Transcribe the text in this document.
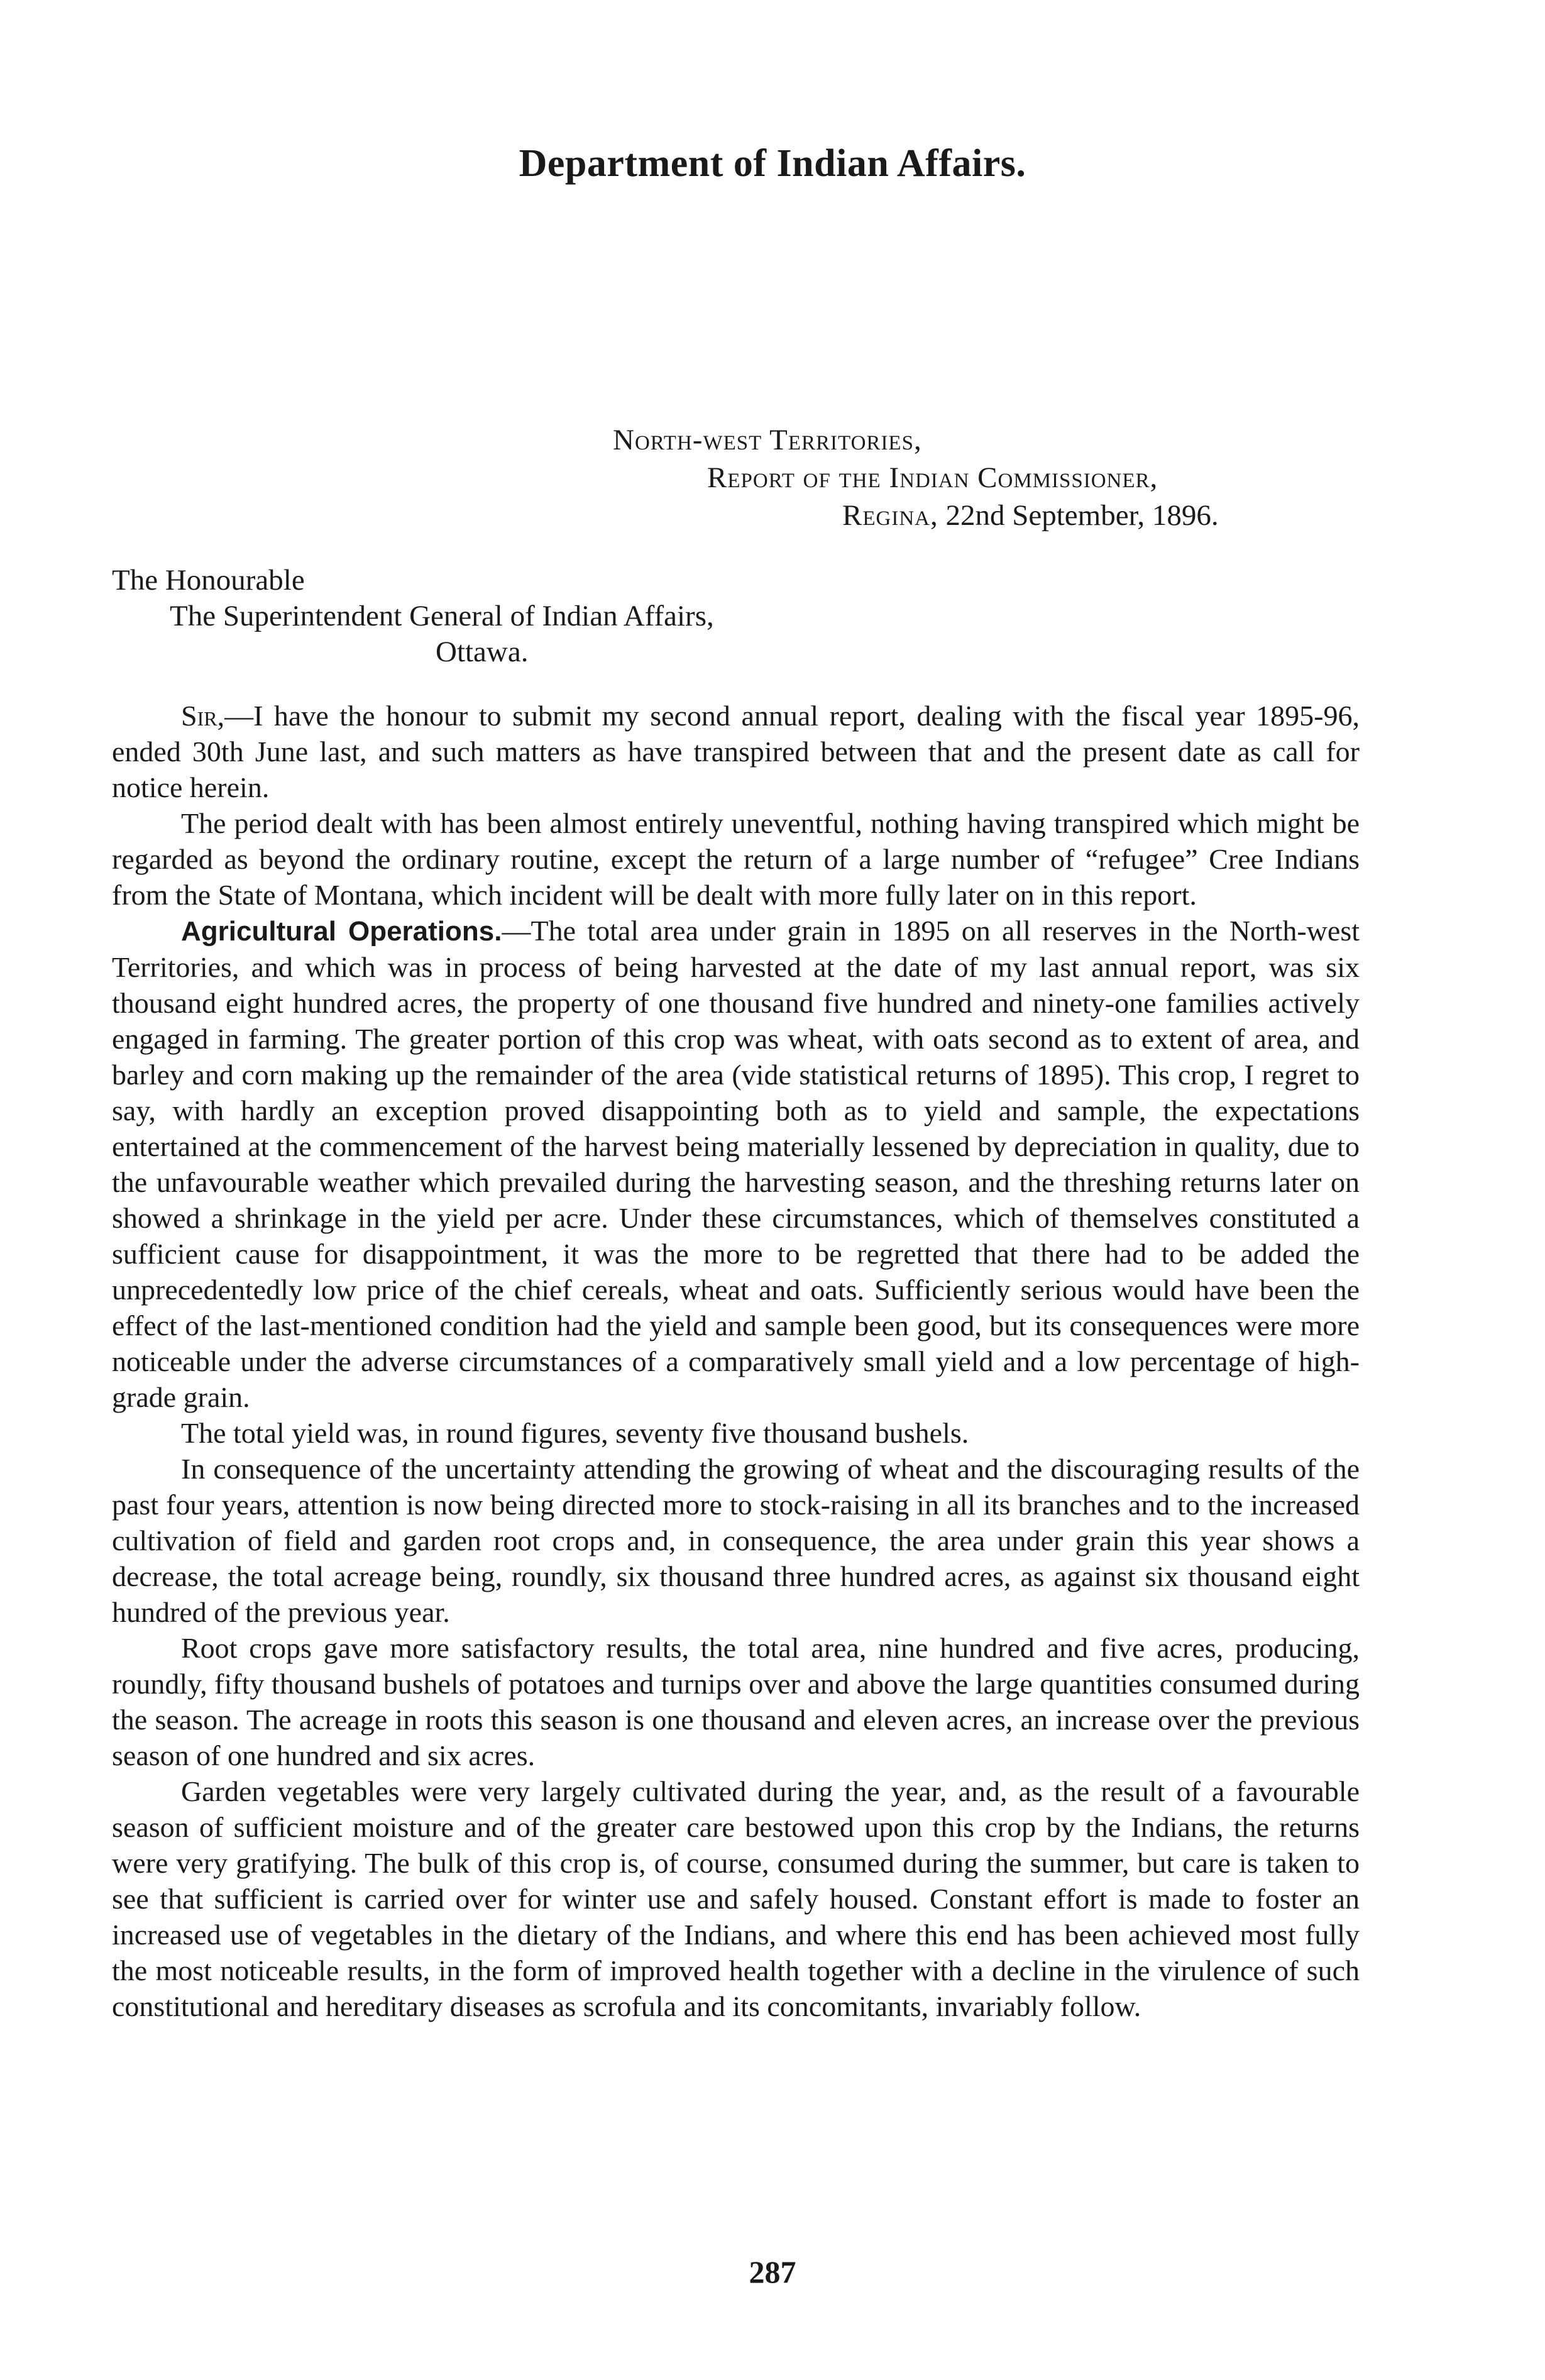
Department of Indian Affairs.
North-west Territories,
Report of the Indian Commissioner,
Regina, 22nd September, 1896.
The Honourable
The Superintendent General of Indian Affairs,
Ottawa.

Sir,—I have the honour to submit my second annual report, dealing with the fiscal year 1895-96, ended 30th June last, and such matters as have transpired between that and the present date as call for notice herein.

The period dealt with has been almost entirely uneventful, nothing having transpired which might be regarded as beyond the ordinary routine, except the return of a large number of “refugee” Cree Indians from the State of Montana, which incident will be dealt with more fully later on in this report.

Agricultural Operations.—The total area under grain in 1895 on all reserves in the North-west Territories, and which was in process of being harvested at the date of my last annual report, was six thousand eight hundred acres, the property of one thousand five hundred and ninety-one families actively engaged in farming. The greater portion of this crop was wheat, with oats second as to extent of area, and barley and corn making up the remainder of the area (vide statistical returns of 1895). This crop, I regret to say, with hardly an exception proved disappointing both as to yield and sample, the expectations entertained at the commencement of the harvest being materially lessened by depreciation in quality, due to the unfavourable weather which prevailed during the harvesting season, and the threshing returns later on showed a shrinkage in the yield per acre. Under these circumstances, which of themselves constituted a sufficient cause for disappointment, it was the more to be regretted that there had to be added the unprecedentedly low price of the chief cereals, wheat and oats. Sufficiently serious would have been the effect of the last-mentioned condition had the yield and sample been good, but its consequences were more noticeable under the adverse circumstances of a comparatively small yield and a low percentage of high-grade grain.

The total yield was, in round figures, seventy five thousand bushels.

In consequence of the uncertainty attending the growing of wheat and the discouraging results of the past four years, attention is now being directed more to stock-raising in all its branches and to the increased cultivation of field and garden root crops and, in consequence, the area under grain this year shows a decrease, the total acreage being, roundly, six thousand three hundred acres, as against six thousand eight hundred of the previous year.

Root crops gave more satisfactory results, the total area, nine hundred and five acres, producing, roundly, fifty thousand bushels of potatoes and turnips over and above the large quantities consumed during the season. The acreage in roots this season is one thousand and eleven acres, an increase over the previous season of one hundred and six acres.

Garden vegetables were very largely cultivated during the year, and, as the result of a favourable season of sufficient moisture and of the greater care bestowed upon this crop by the Indians, the returns were very gratifying. The bulk of this crop is, of course, consumed during the summer, but care is taken to see that sufficient is carried over for winter use and safely housed. Constant effort is made to foster an increased use of vegetables in the dietary of the Indians, and where this end has been achieved most fully the most noticeable results, in the form of improved health together with a decline in the virulence of such constitutional and hereditary diseases as scrofula and its concomitants, invariably follow.

287
